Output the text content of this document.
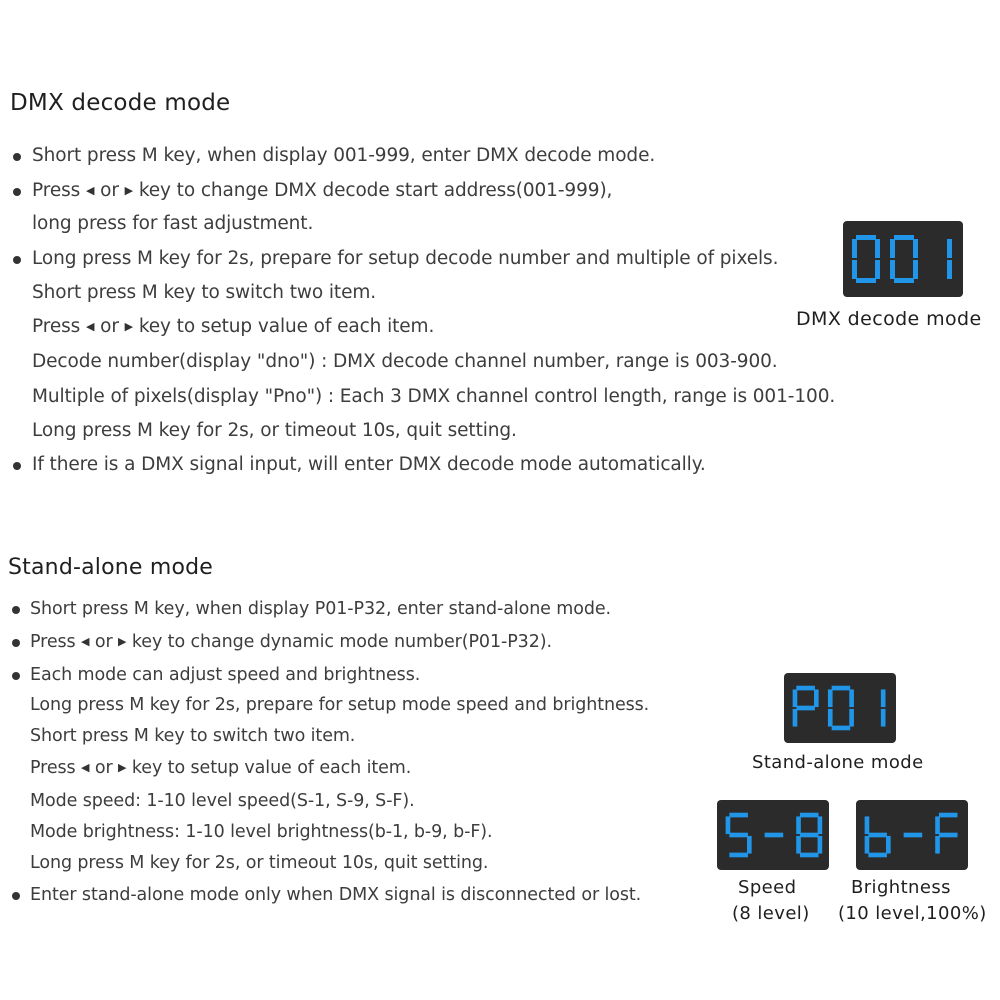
DMX decode mode
Short press M key, when display 001-999, enter DMX decode mode.
Press ◀ or ▶ key to change DMX decode start address(001-999),
long press for fast adjustment.
Long press M key for 2s, prepare for setup decode number and multiple of pixels.
Short press M key to switch two item.
Press ◀ or ▶ key to setup value of each item.
Decode number(display "dno") : DMX decode channel number, range is 003-900.
Multiple of pixels(display "Pno") : Each 3 DMX channel control length, range is 001-100.
Long press M key for 2s, or timeout 10s, quit setting.
If there is a DMX signal input, will enter DMX decode mode automatically.
DMX decode mode
Stand-alone mode
Short press M key, when display P01-P32, enter stand-alone mode.
Press ◀ or ▶ key to change dynamic mode number(P01-P32).
Each mode can adjust speed and brightness.
Long press M key for 2s, prepare for setup mode speed and brightness.
Short press M key to switch two item.
Press ◀ or ▶ key to setup value of each item.
Mode speed: 1-10 level speed(S-1, S-9, S-F).
Mode brightness: 1-10 level brightness(b-1, b-9, b-F).
Long press M key for 2s, or timeout 10s, quit setting.
Enter stand-alone mode only when DMX signal is disconnected or lost.
Stand-alone mode
Speed
(8 level)
Brightness
(10 level,100%)
